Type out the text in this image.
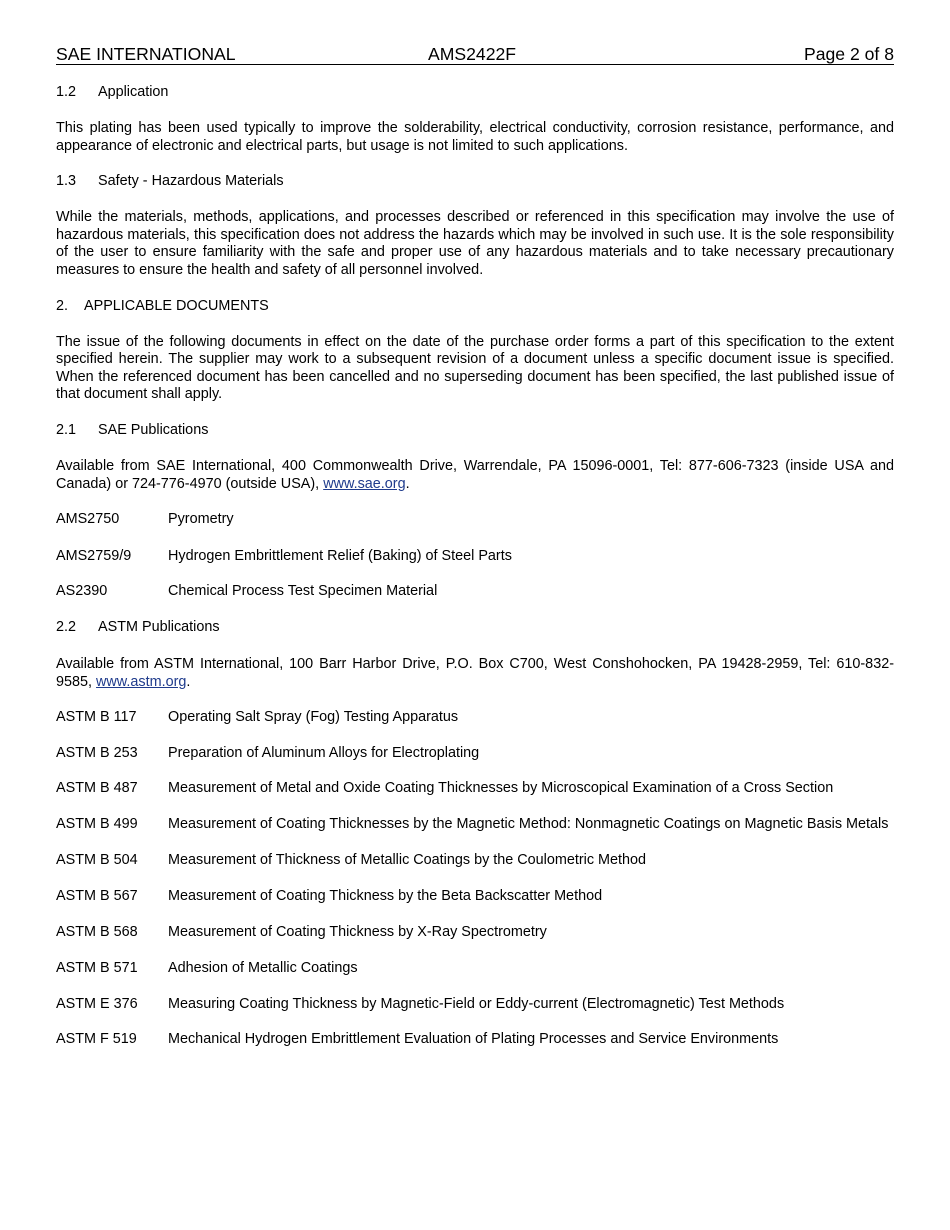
SAE INTERNATIONAL	AMS2422F	Page 2 of 8

1.2 Application

This plating has been used typically to improve the solderability, electrical conductivity, corrosion resistance, performance, and appearance of electronic and electrical parts, but usage is not limited to such applications.

1.3 Safety - Hazardous Materials

While the materials, methods, applications, and processes described or referenced in this specification may involve the use of hazardous materials, this specification does not address the hazards which may be involved in such use. It is the sole responsibility of the user to ensure familiarity with the safe and proper use of any hazardous materials and to take necessary precautionary measures to ensure the health and safety of all personnel involved.

2. APPLICABLE DOCUMENTS

The issue of the following documents in effect on the date of the purchase order forms a part of this specification to the extent specified herein. The supplier may work to a subsequent revision of a document unless a specific document issue is specified. When the referenced document has been cancelled and no superseding document has been specified, the last published issue of that document shall apply.

2.1 SAE Publications

Available from SAE International, 400 Commonwealth Drive, Warrendale, PA 15096-0001, Tel: 877-606-7323 (inside USA and Canada) or 724-776-4970 (outside USA), www.sae.org.

AMS2750	Pyrometry
AMS2759/9	Hydrogen Embrittlement Relief (Baking) of Steel Parts
AS2390	Chemical Process Test Specimen Material

2.2 ASTM Publications

Available from ASTM International, 100 Barr Harbor Drive, P.O. Box C700, West Conshohocken, PA 19428-2959, Tel: 610-832-9585, www.astm.org.

ASTM B 117	Operating Salt Spray (Fog) Testing Apparatus
ASTM B 253	Preparation of Aluminum Alloys for Electroplating
ASTM B 487	Measurement of Metal and Oxide Coating Thicknesses by Microscopical Examination of a Cross Section
ASTM B 499	Measurement of Coating Thicknesses by the Magnetic Method: Nonmagnetic Coatings on Magnetic Basis Metals
ASTM B 504	Measurement of Thickness of Metallic Coatings by the Coulometric Method
ASTM B 567	Measurement of Coating Thickness by the Beta Backscatter Method
ASTM B 568	Measurement of Coating Thickness by X-Ray Spectrometry
ASTM B 571	Adhesion of Metallic Coatings
ASTM E 376	Measuring Coating Thickness by Magnetic-Field or Eddy-current (Electromagnetic) Test Methods
ASTM F 519	Mechanical Hydrogen Embrittlement Evaluation of Plating Processes and Service Environments
